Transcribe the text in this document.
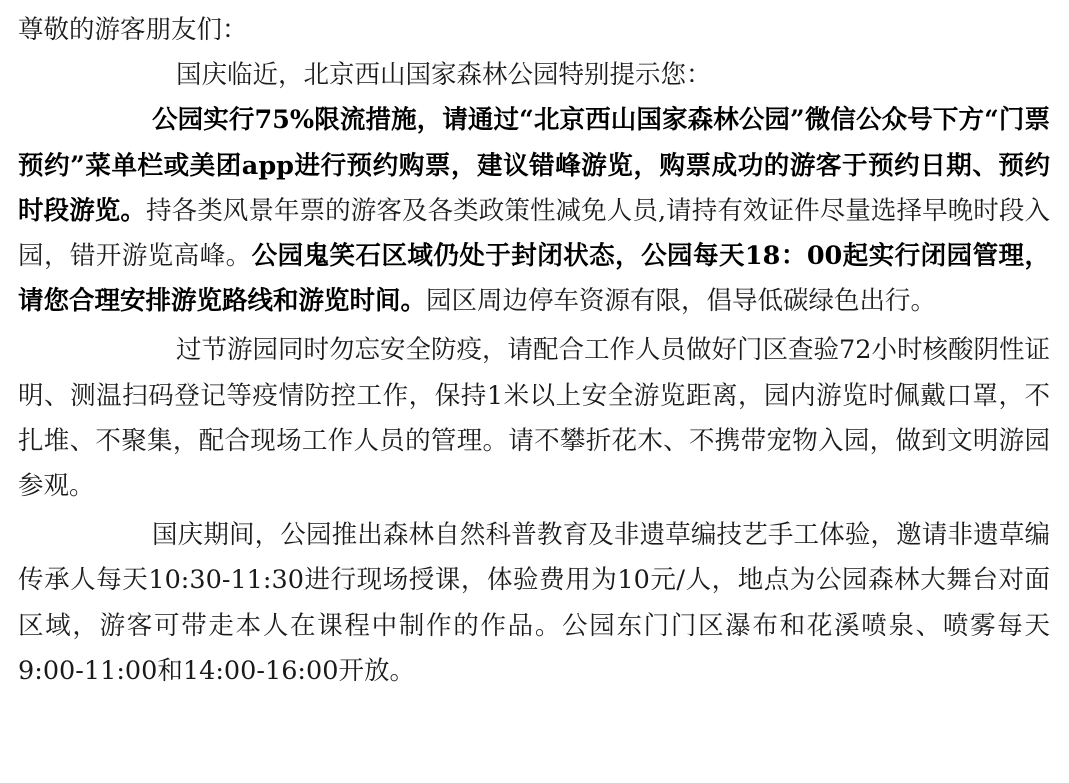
尊敬的游客朋友们：

国庆临近，北京西山国家森林公园特别提示您：

公园实行75%限流措施，请通过“北京西山国家森林公园”微信公众号下方“门票预约”菜单栏或美团app进行预约购票，建议错峰游览，购票成功的游客于预约日期、预约时段游览。持各类风景年票的游客及各类政策性减免人员,请持有效证件尽量选择早晚时段入园，错开游览高峰。公园鬼笑石区域仍处于封闭状态，公园每天18：00起实行闭园管理，请您合理安排游览路线和游览时间。园区周边停车资源有限，倡导低碳绿色出行。

过节游园同时勿忘安全防疫，请配合工作人员做好门区查验72小时核酸阴性证明、测温扫码登记等疫情防控工作，保持1米以上安全游览距离，园内游览时佩戴口罩，不扎堆、不聚集，配合现场工作人员的管理。请不攀折花木、不携带宠物入园，做到文明游园参观。

国庆期间，公园推出森林自然科普教育及非遗草编技艺手工体验，邀请非遗草编传承人每天10:30-11:30进行现场授课，体验费用为10元/人，地点为公园森林大舞台对面区域，游客可带走本人在课程中制作的作品。公园东门门区瀑布和花溪喷泉、喷雾每天9:00-11:00和14:00-16:00开放。
